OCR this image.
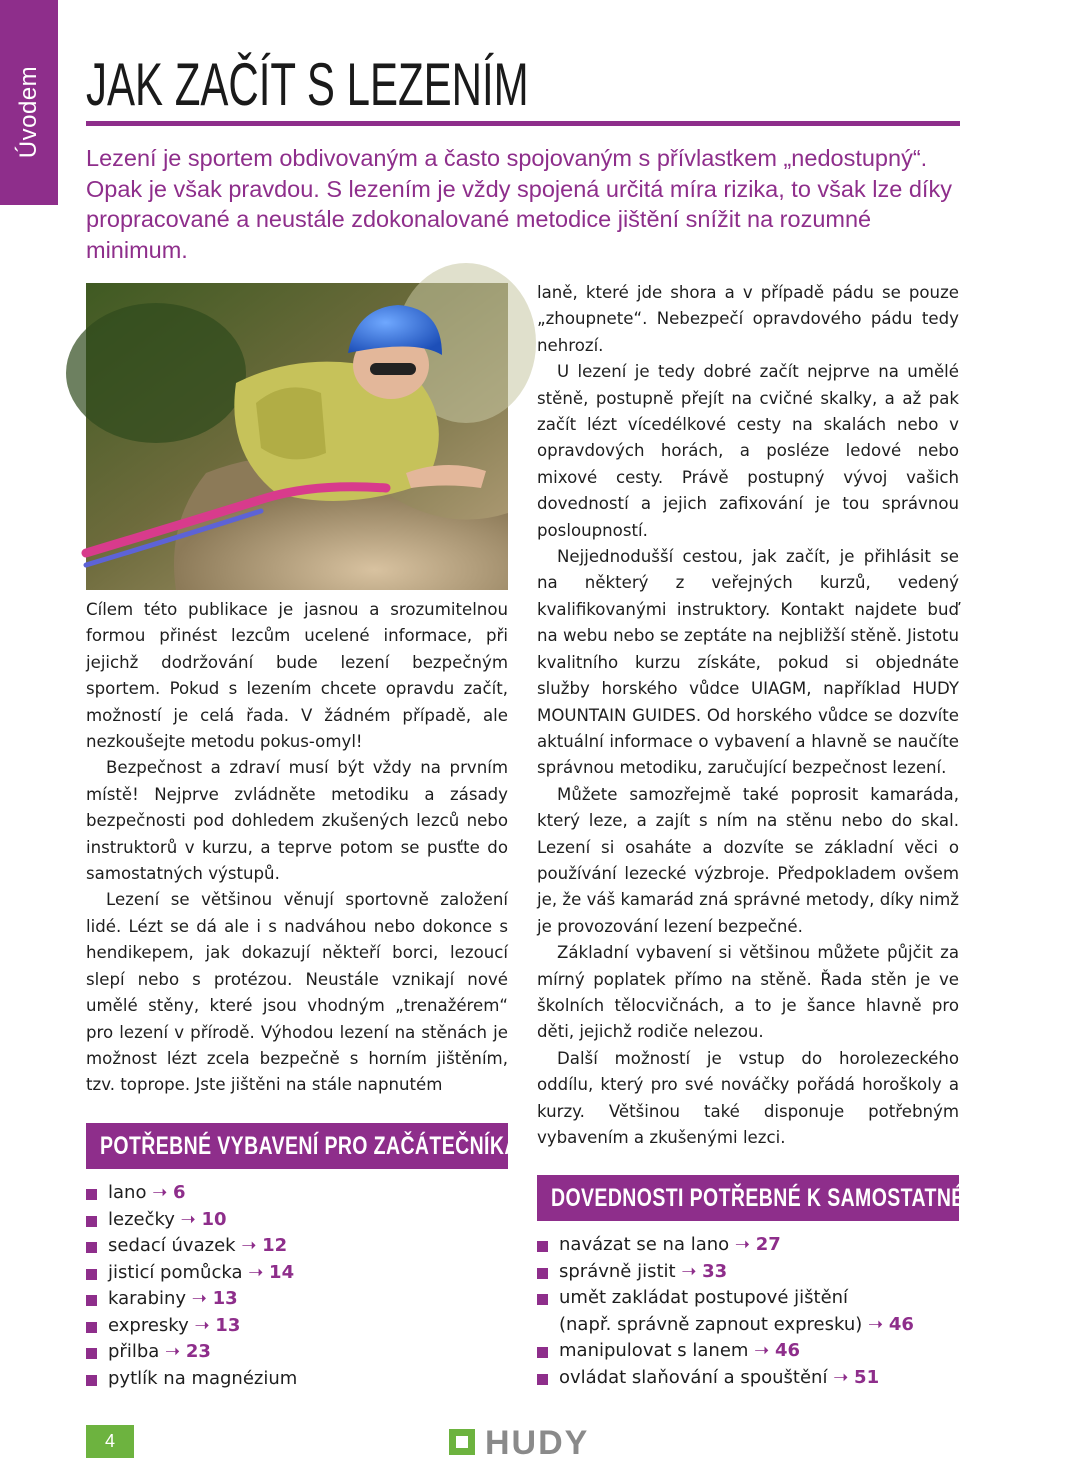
Úvodem JAK ZAČÍT S LEZENÍM

Lezení je sportem obdivovaným a často spojovaným s přívlastkem „nedostupný“. Opak je však pravdou. S lezením je vždy spojená určitá míra rizika, to však lze díky propracované a neustále zdokonalované metodice jištění snížit na rozumné minimum.

Cílem této publikace je jasnou a srozumitelnou formou přinést lezcům ucelené informace, při jejichž dodržování bude lezení bezpečným sportem. Pokud s lezením chcete opravdu začít, možností je celá řada. V žádném případě, ale nezkoušejte metodu pokus-omyl!

Bezpečnost a zdraví musí být vždy na prvním místě! Nejprve zvládněte metodiku a zásady bezpečnosti pod dohledem zkušených lezců nebo instruktorů v kurzu, a teprve potom se pusťte do samostatných výstupů.

Lezení se většinou věnují sportovně založení lidé. Lézt se dá ale i s nadváhou nebo dokonce s hendikepem, jak dokazují někteří borci, lezoucí slepí nebo s protézou. Neustále vznikají nové umělé stěny, které jsou vhodným „trenažérem“ pro lezení v přírodě. Výhodou lezení na stěnách je možnost lézt zcela bezpečně s horním jištěním, tzv. toprope. Jste jištěni na stále napnutém

laně, které jde shora a v případě pádu se pouze „zhoupnete“. Nebezpečí opravdového pádu tedy nehrozí.

U lezení je tedy dobré začít nejprve na umělé stěně, postupně přejít na cvičné skalky, a až pak začít lézt vícedélkové cesty na skalách nebo v opravdových horách, a posléze ledové nebo mixové cesty. Právě postupný vývoj vašich dovedností a jejich zafixování je tou správnou posloupností.

Nejjednodušší cestou, jak začít, je přihlásit se na některý z veřejných kurzů, vedený kvalifikovanými instruktory. Kontakt najdete buď na webu nebo se zeptáte na nejbližší stěně. Jistotu kvalitního kurzu získáte, pokud si objednáte služby horského vůdce UIAGM, například HUDY MOUNTAIN GUIDES. Od horského vůdce se dozvíte aktuální informace o vybavení a hlavně se naučíte správnou metodiku, zaručující bezpečnost lezení.

Můžete samozřejmě také poprosit kamaráda, který leze, a zajít s ním na stěnu nebo do skal. Lezení si osaháte a dozvíte se základní věci o používání lezecké výzbroje. Předpokladem ovšem je, že váš kamarád zná správné metody, díky nimž je provozování lezení bezpečné.

Základní vybavení si většinou můžete půjčit za mírný poplatek přímo na stěně. Řada stěn je ve školních tělocvičnách, a to je šance hlavně pro děti, jejichž rodiče nelezou.

Další možností je vstup do horolezeckého oddílu, který pro své nováčky pořádá horoškoly a kurzy. Většinou také disponuje potřebným vybavením a zkušenými lezci.

POTŘEBNÉ VYBAVENÍ PRO ZAČÁTEČNÍKA
lano ➝ 6
lezečky ➝ 10
sedací úvazek ➝ 12
jisticí pomůcka ➝ 14
karabiny ➝ 13
expresky ➝ 13
přilba ➝ 23
pytlík na magnézium
DOVEDNOSTI POTŘEBNÉ K SAMOSTATNÉMU LEZENÍ
navázat se na lano ➝ 27
správně jistit ➝ 33
umět zakládat postupové jištění
(např. správně zapnout expresku) ➝ 46
manipulovat s lanem ➝ 46
ovládat slaňování a spouštění ➝ 51
4	HUDY
